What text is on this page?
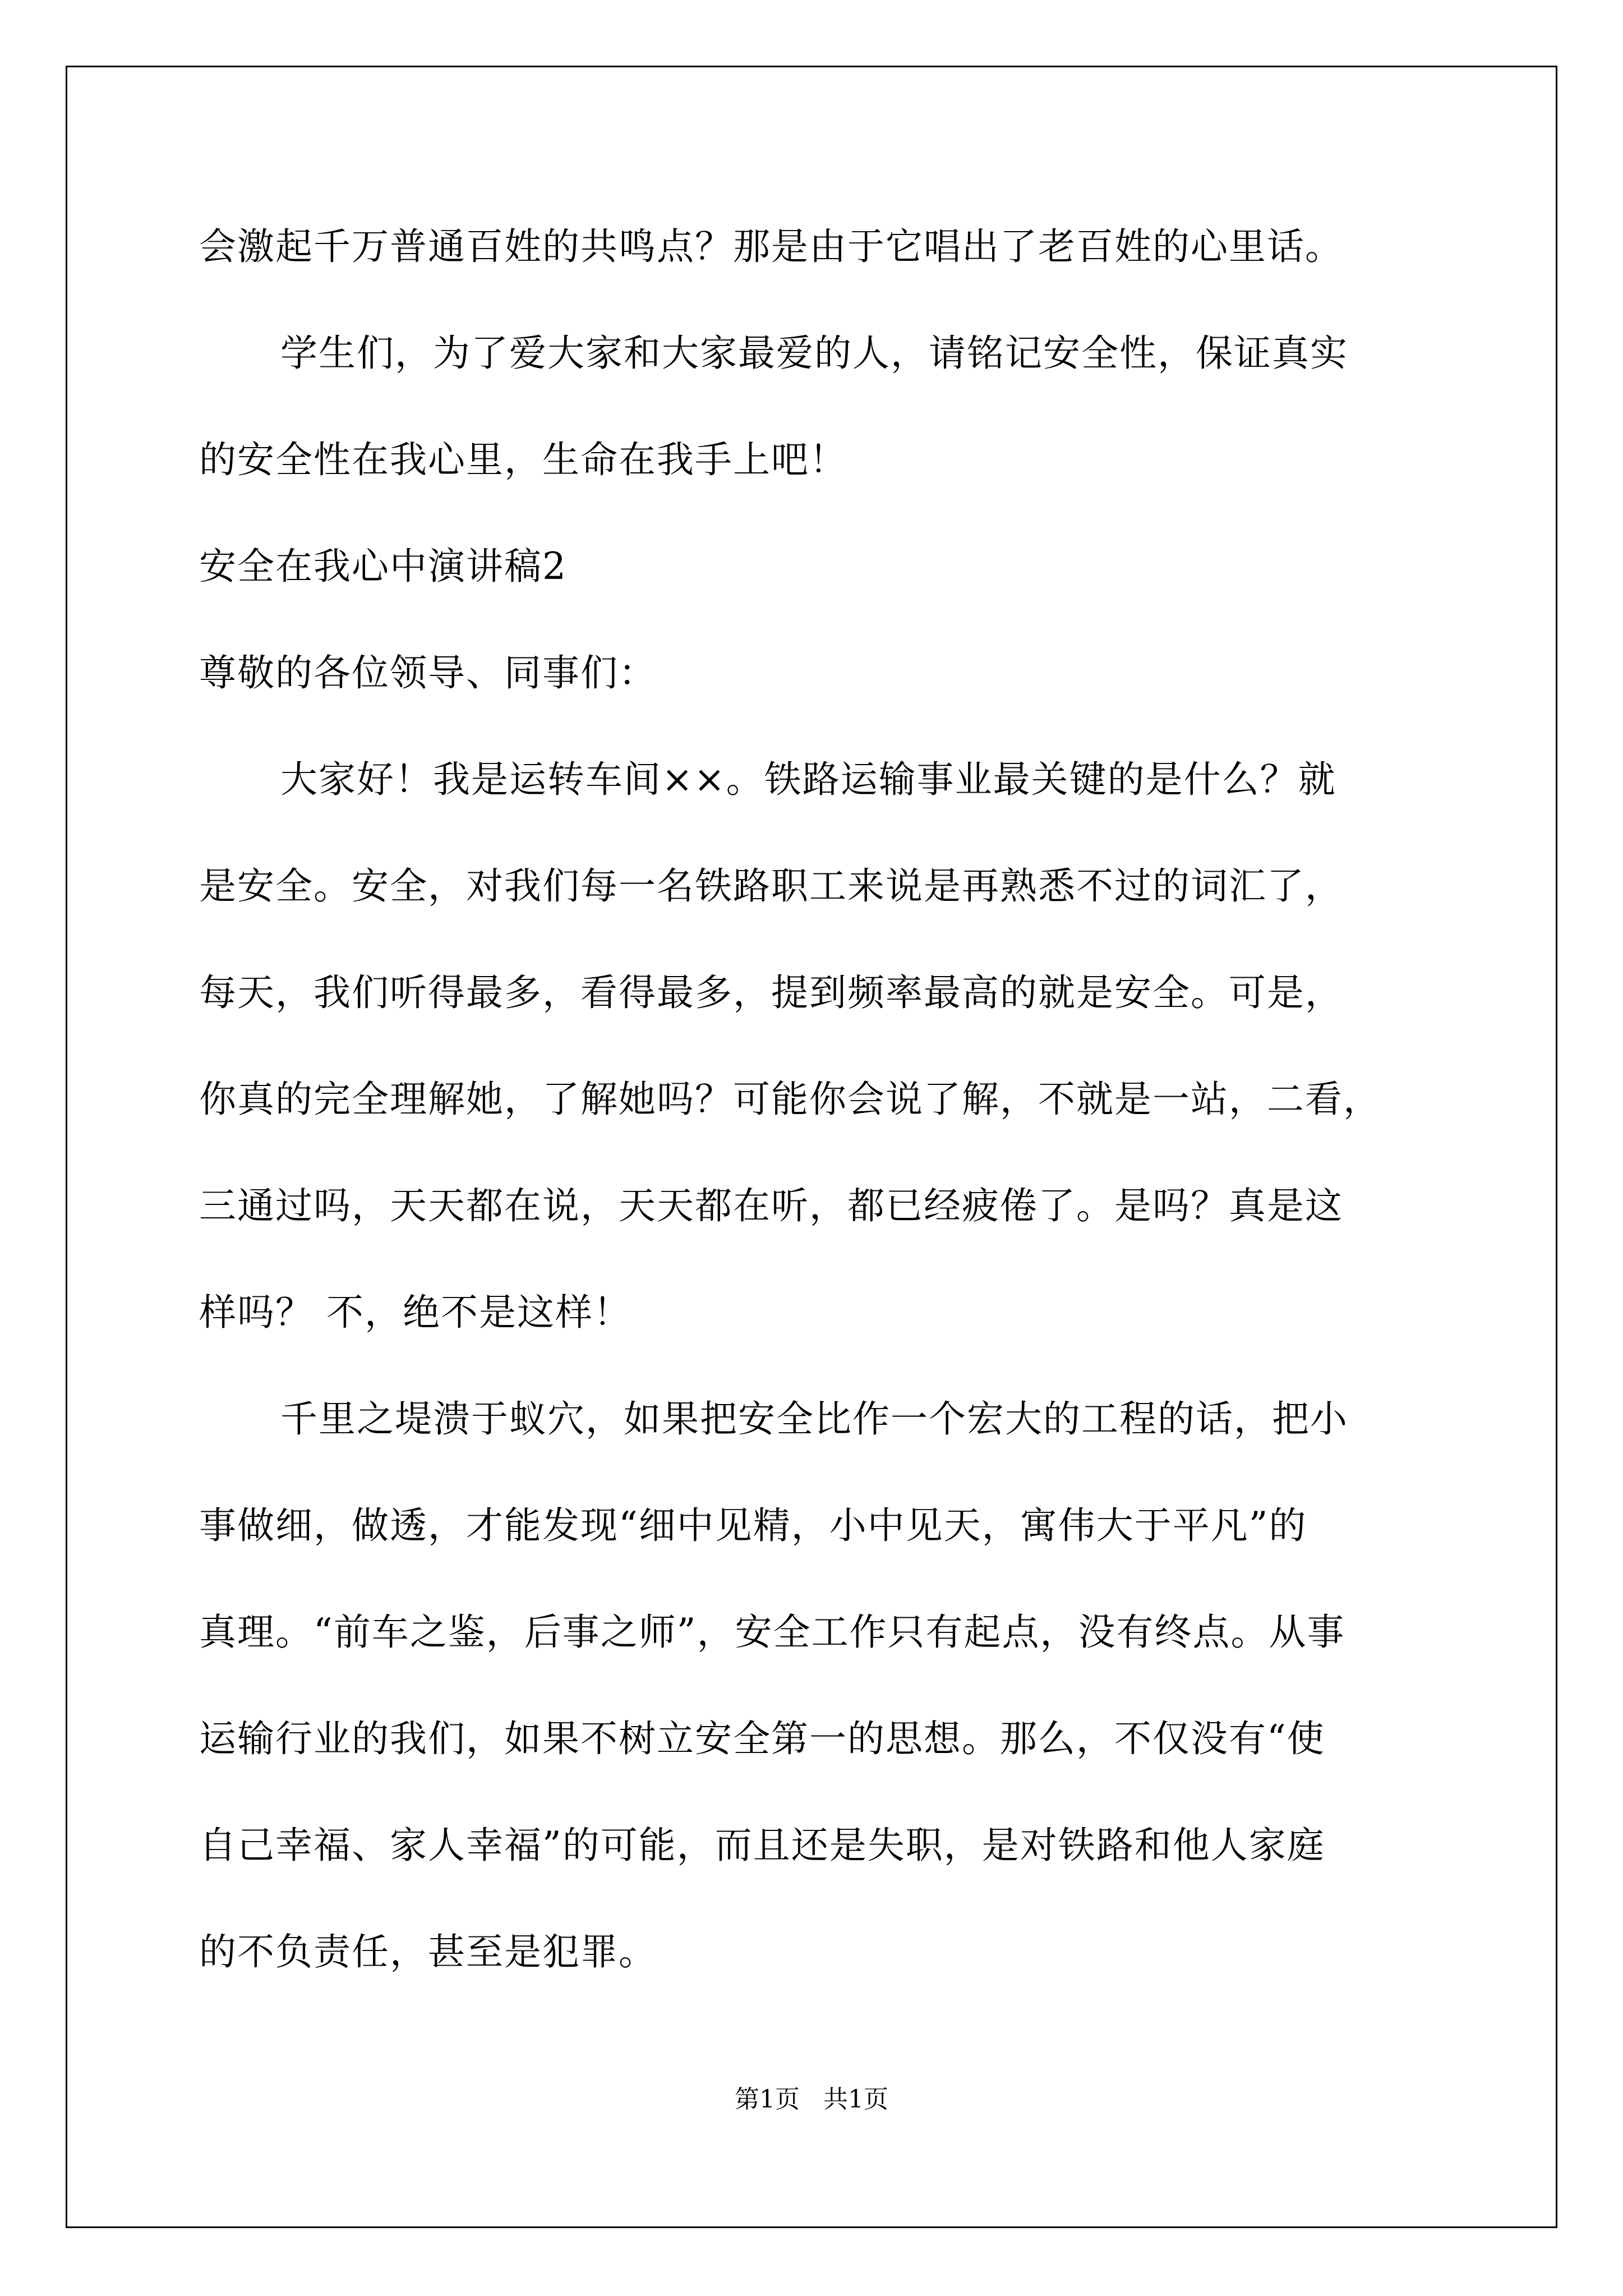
会激起千万普通百姓的共鸣点？那是由于它唱出了老百姓的心里话。
学生们，为了爱大家和大家最爱的人，请铭记安全性，保证真实
的安全性在我心里，生命在我手上吧！
安全在我心中演讲稿2
尊敬的各位领导、同事们：
大家好！我是运转车间××。铁路运输事业最关键的是什么？就
是安全。安全，对我们每一名铁路职工来说是再熟悉不过的词汇了，
每天，我们听得最多，看得最多，提到频率最高的就是安全。可是，
你真的完全理解她，了解她吗？可能你会说了解，不就是一站，二看，
三通过吗，天天都在说，天天都在听，都已经疲倦了。是吗？真是这
样吗？ 不，绝不是这样！
千里之堤溃于蚁穴，如果把安全比作一个宏大的工程的话，把小
事做细，做透，才能发现“细中见精，小中见天，寓伟大于平凡”的
真理。“前车之鉴，后事之师”，安全工作只有起点，没有终点。从事
运输行业的我们，如果不树立安全第一的思想。那么，不仅没有“使
自己幸福、家人幸福”的可能，而且还是失职，是对铁路和他人家庭
的不负责任，甚至是犯罪。
第1页   共1页
